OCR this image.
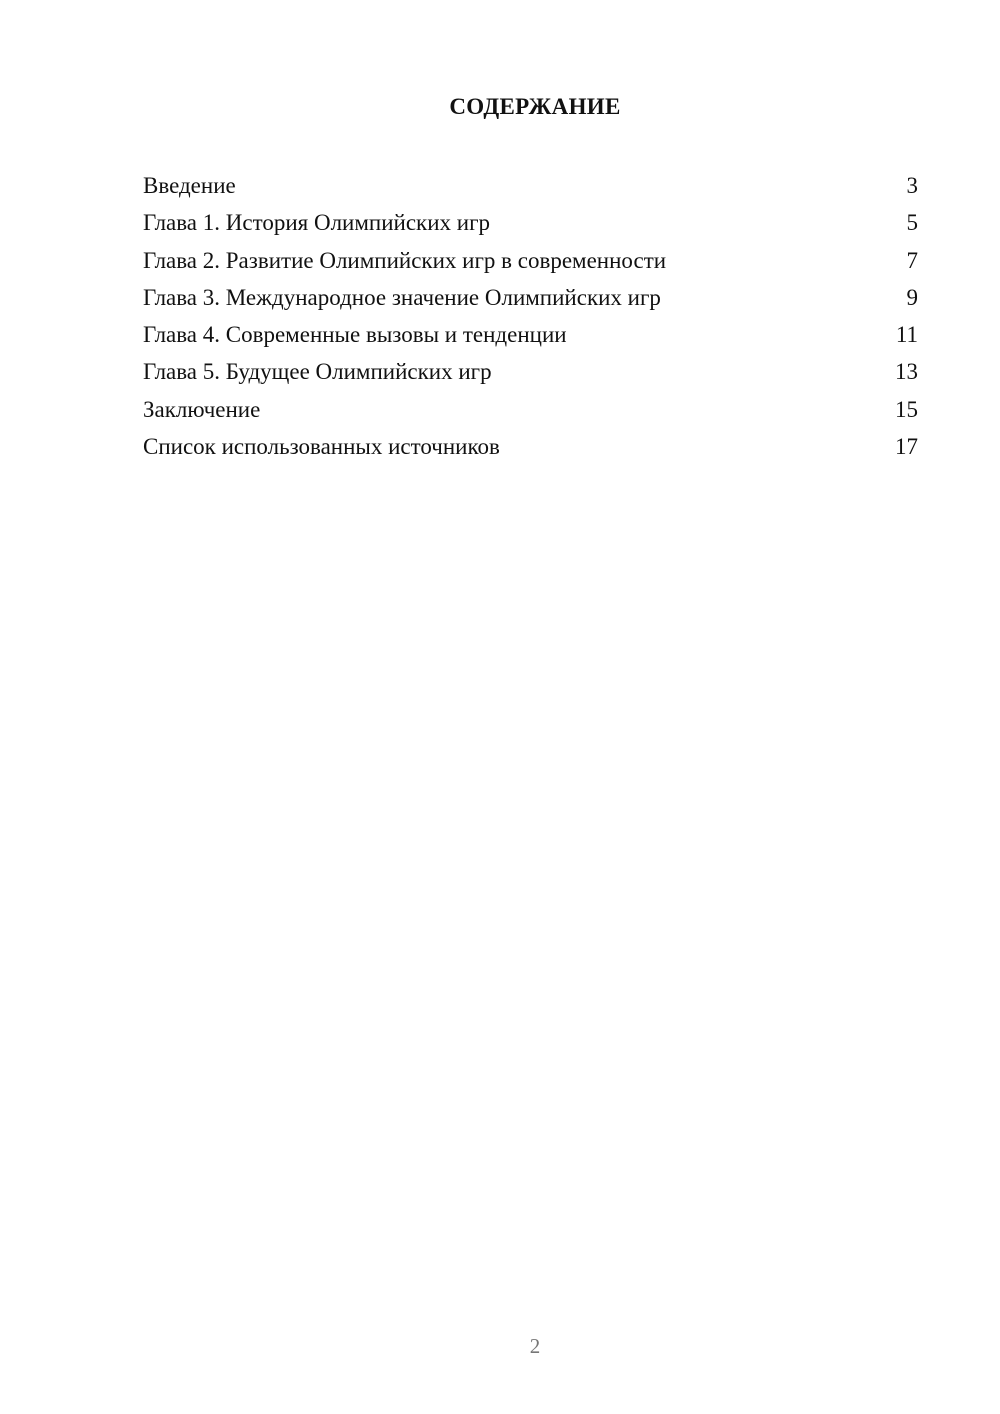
СОДЕРЖАНИЕ
Введение	3
Глава 1. История Олимпийских игр	5
Глава 2. Развитие Олимпийских игр в современности	7
Глава 3. Международное значение Олимпийских игр	9
Глава 4. Современные вызовы и тенденции	11
Глава 5. Будущее Олимпийских игр	13
Заключение	15
Список использованных источников	17
2
